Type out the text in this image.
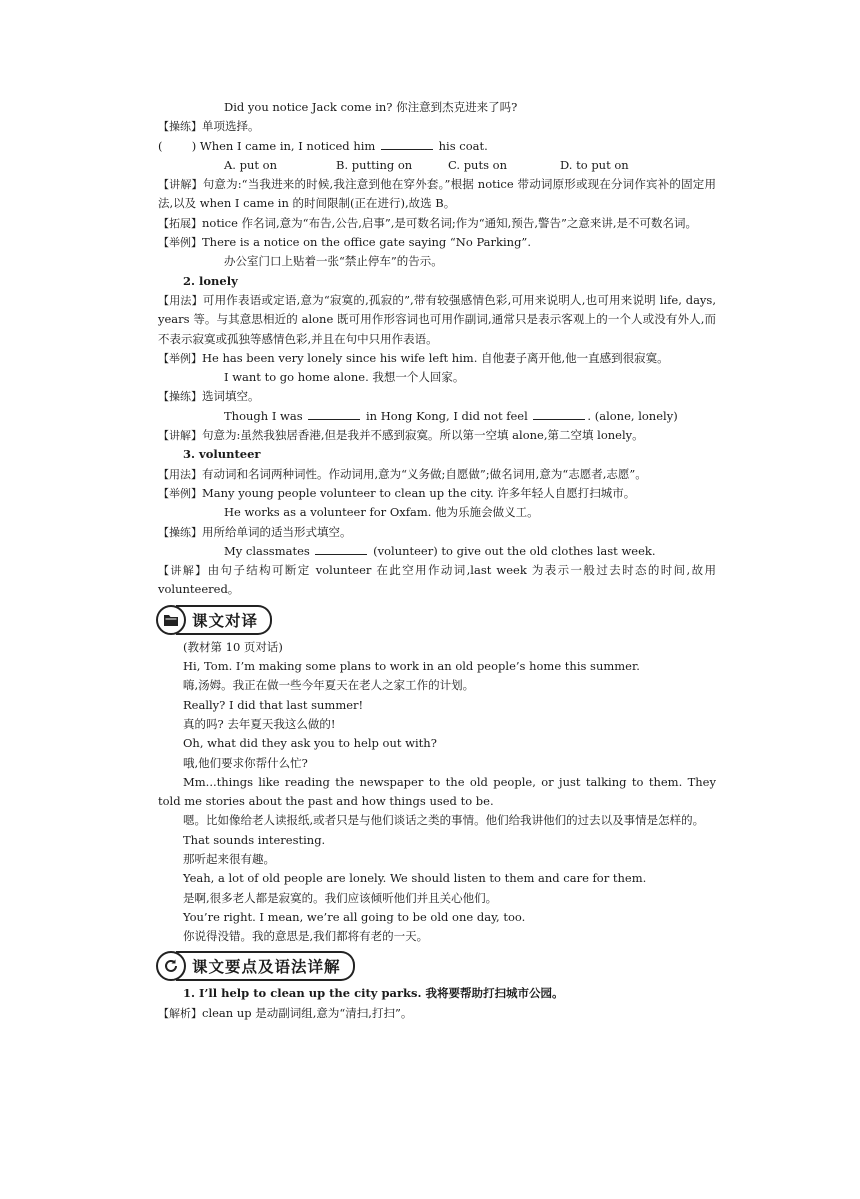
Did you notice Jack come in? 你注意到杰克进来了吗?
【操练】单项选择。
(        ) When I came in, I noticed him	his coat.
A. put on	B. putting on	C. puts on	D. to put on
【讲解】句意为:“当我进来的时候,我注意到他在穿外套。”根据 notice 带动词原形或现在分词作宾补的固定用法,以及 when I came in 的时间限制(正在进行),故选 B。
【拓展】notice 作名词,意为“布告,公告,启事”,是可数名词;作为“通知,预告,警告”之意来讲,是不可数名词。
【举例】There is a notice on the office gate saying “No Parking”.
办公室门口上贴着一张“禁止停车”的告示。
2. lonely
【用法】可用作表语或定语,意为“寂寞的,孤寂的”,带有较强感情色彩,可用来说明人,也可用来说明 life, days, years 等。与其意思相近的 alone 既可用作形容词也可用作副词,通常只是表示客观上的一个人或没有外人,而不表示寂寞或孤独等感情色彩,并且在句中只用作表语。
【举例】He has been very lonely since his wife left him. 自他妻子离开他,他一直感到很寂寞。
I want to go home alone. 我想一个人回家。
【操练】选词填空。
Though I was	in Hong Kong, I did not feel	. (alone, lonely)
【讲解】句意为:虽然我独居香港,但是我并不感到寂寞。所以第一空填 alone,第二空填 lonely。
3. volunteer
【用法】有动词和名词两种词性。作动词用,意为“义务做;自愿做”;做名词用,意为“志愿者,志愿”。
【举例】Many young people volunteer to clean up the city. 许多年轻人自愿打扫城市。
He works as a volunteer for Oxfam. 他为乐施会做义工。
【操练】用所给单词的适当形式填空。
My classmates	(volunteer) to give out the old clothes last week.
【讲解】由句子结构可断定 volunteer 在此空用作动词,last week 为表示一般过去时态的时间,故用 volunteered。
课文对译
(教材第 10 页对话)
Hi, Tom. I’m making some plans to work in an old people’s home this summer.
嗨,汤姆。我正在做一些今年夏天在老人之家工作的计划。
Really? I did that last summer!
真的吗? 去年夏天我这么做的!
Oh, what did they ask you to help out with?
哦,他们要求你帮什么忙?
Mm...things like reading the newspaper to the old people, or just talking to them. They told me stories about the past and how things used to be.
嗯。比如像给老人读报纸,或者只是与他们谈话之类的事情。他们给我讲他们的过去以及事情是怎样的。
That sounds interesting.
那听起来很有趣。
Yeah, a lot of old people are lonely. We should listen to them and care for them.
是啊,很多老人都是寂寞的。我们应该倾听他们并且关心他们。
You’re right. I mean, we’re all going to be old one day, too.
你说得没错。我的意思是,我们都将有老的一天。
课文要点及语法详解
1. I’ll help to clean up the city parks. 我将要帮助打扫城市公园。
【解析】clean up 是动副词组,意为“清扫,打扫”。
